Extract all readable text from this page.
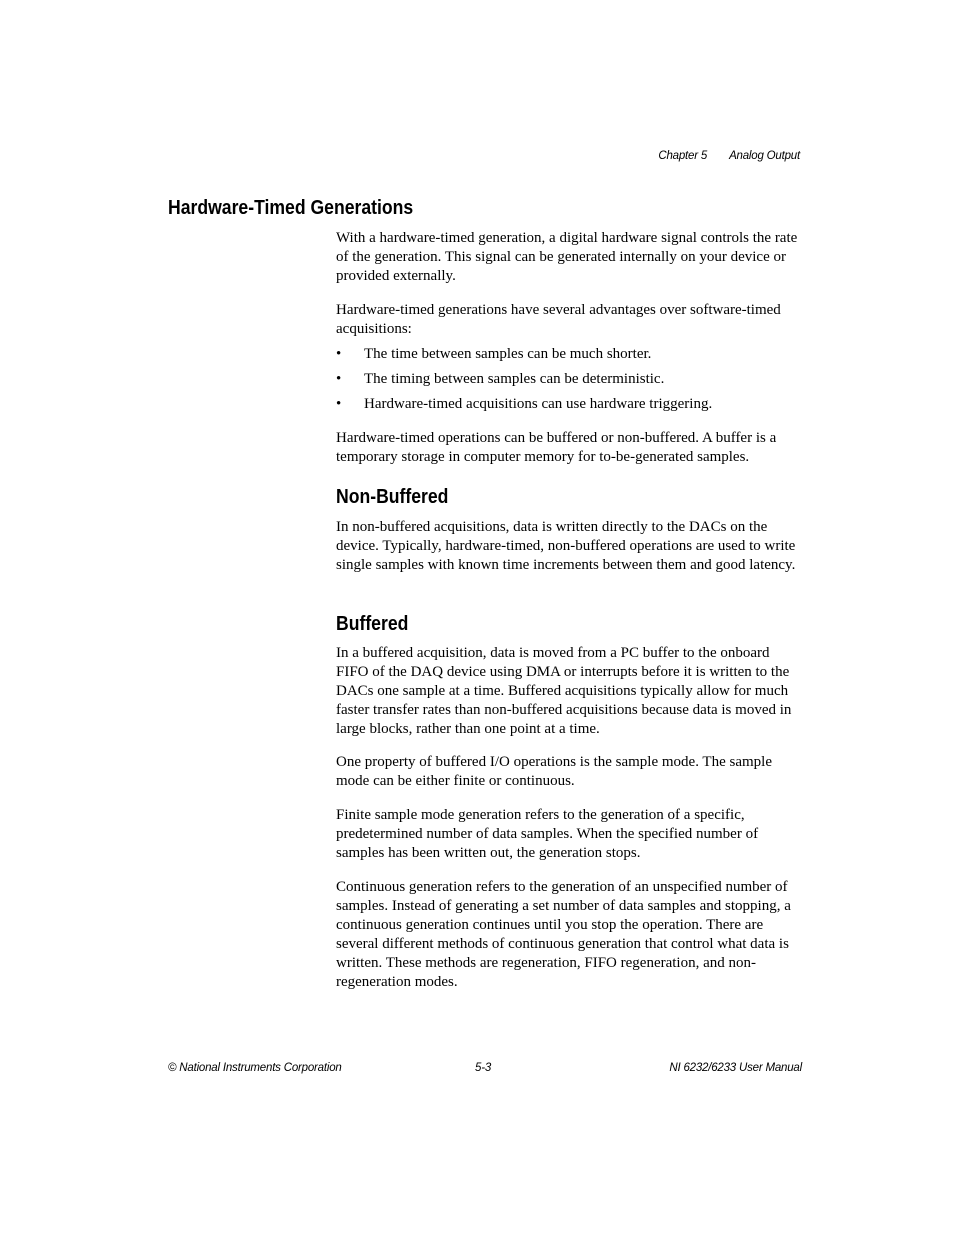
Chapter 5 Analog Output
Hardware-Timed Generations

With a hardware-timed generation, a digital hardware signal controls the rate of the generation. This signal can be generated internally on your device or provided externally.

Hardware-timed generations have several advantages over software-timed acquisitions:

• The time between samples can be much shorter.
• The timing between samples can be deterministic.
• Hardware-timed acquisitions can use hardware triggering.

Hardware-timed operations can be buffered or non-buffered. A buffer is a temporary storage in computer memory for to-be-generated samples.

Non-Buffered

In non-buffered acquisitions, data is written directly to the DACs on the device. Typically, hardware-timed, non-buffered operations are used to write single samples with known time increments between them and good latency.

Buffered

In a buffered acquisition, data is moved from a PC buffer to the onboard FIFO of the DAQ device using DMA or interrupts before it is written to the DACs one sample at a time. Buffered acquisitions typically allow for much faster transfer rates than non-buffered acquisitions because data is moved in large blocks, rather than one point at a time.

One property of buffered I/O operations is the sample mode. The sample mode can be either finite or continuous.

Finite sample mode generation refers to the generation of a specific, predetermined number of data samples. When the specified number of samples has been written out, the generation stops.

Continuous generation refers to the generation of an unspecified number of samples. Instead of generating a set number of data samples and stopping, a continuous generation continues until you stop the operation. There are several different methods of continuous generation that control what data is written. These methods are regeneration, FIFO regeneration, and non-regeneration modes.

© National Instruments Corporation	5-3	NI 6232/6233 User Manual
